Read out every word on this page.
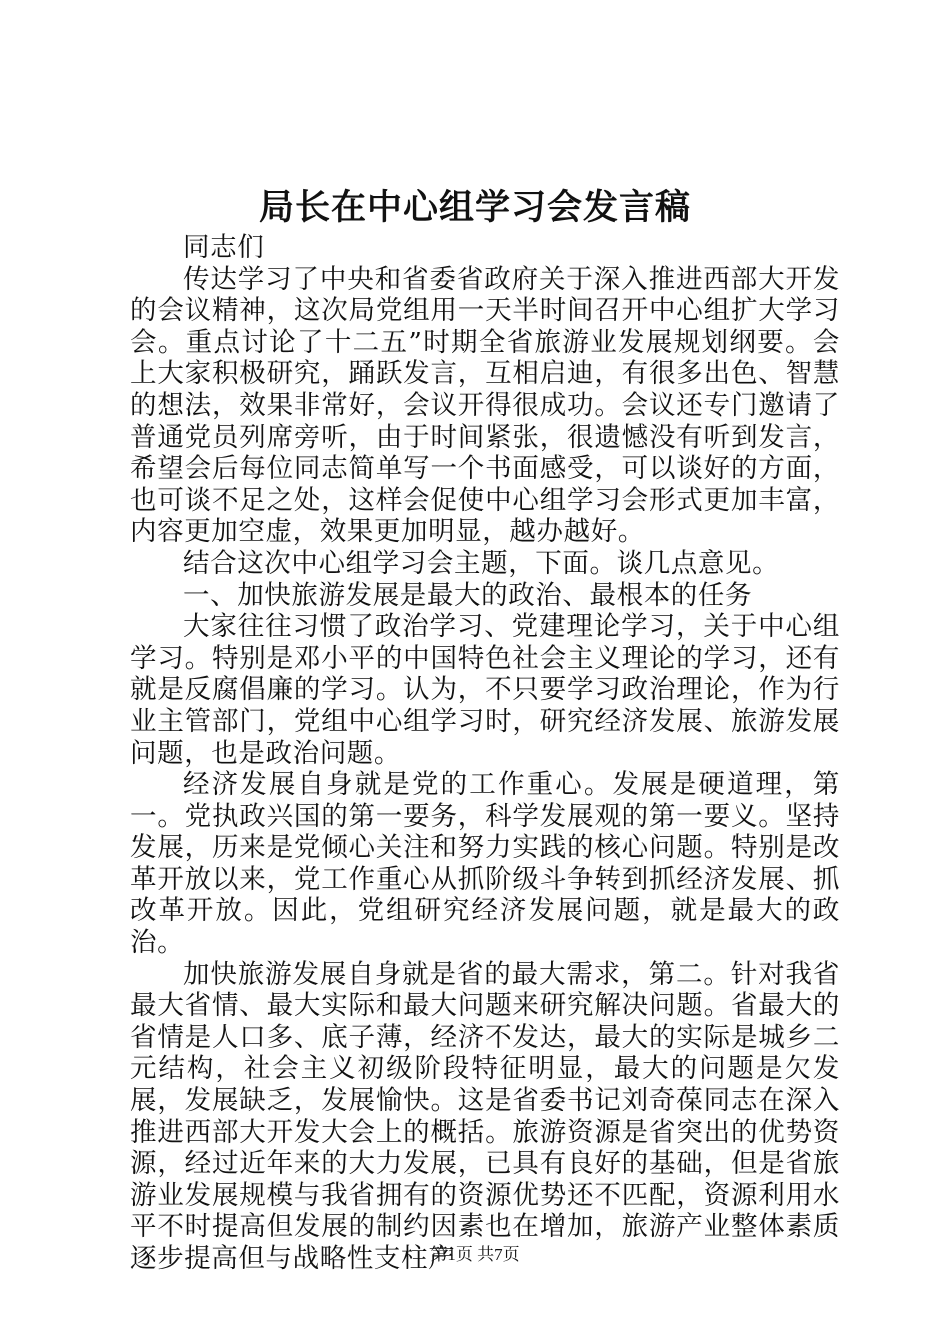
局长在中心组学习会发言稿

同志们

传达学习了中央和省委省政府关于深入推进西部大开发的会议精神，这次局党组用一天半时间召开中心组扩大学习会。重点讨论了十二五”时期全省旅游业发展规划纲要。会上大家积极研究，踊跃发言，互相启迪，有很多出色、智慧的想法，效果非常好，会议开得很成功。会议还专门邀请了普通党员列席旁听，由于时间紧张，很遗憾没有听到发言，希望会后每位同志简单写一个书面感受，可以谈好的方面，也可谈不足之处，这样会促使中心组学习会形式更加丰富，内容更加空虚，效果更加明显，越办越好。

结合这次中心组学习会主题，下面。谈几点意见。

一、加快旅游发展是最大的政治、最根本的任务

大家往往习惯了政治学习、党建理论学习，关于中心组学习。特别是邓小平的中国特色社会主义理论的学习，还有就是反腐倡廉的学习。认为，不只要学习政治理论，作为行业主管部门，党组中心组学习时，研究经济发展、旅游发展问题，也是政治问题。

经济发展自身就是党的工作重心。发展是硬道理，第一。党执政兴国的第一要务，科学发展观的第一要义。坚持发展，历来是党倾心关注和努力实践的核心问题。特别是改革开放以来，党工作重心从抓阶级斗争转到抓经济发展、抓改革开放。因此，党组研究经济发展问题，就是最大的政治。

加快旅游发展自身就是省的最大需求，第二。针对我省最大省情、最大实际和最大问题来研究解决问题。省最大的省情是人口多、底子薄，经济不发达，最大的实际是城乡二元结构，社会主义初级阶段特征明显，最大的问题是欠发展，发展缺乏，发展愉快。这是省委书记刘奇葆同志在深入推进西部大开发大会上的概括。旅游资源是省突出的优势资源，经过近年来的大力发展，已具有良好的基础，但是省旅游业发展规模与我省拥有的资源优势还不匹配，资源利用水平不时提高但发展的制约因素也在增加，旅游产业整体素质逐步提高但与战略性支柱产

第1页 共7页
